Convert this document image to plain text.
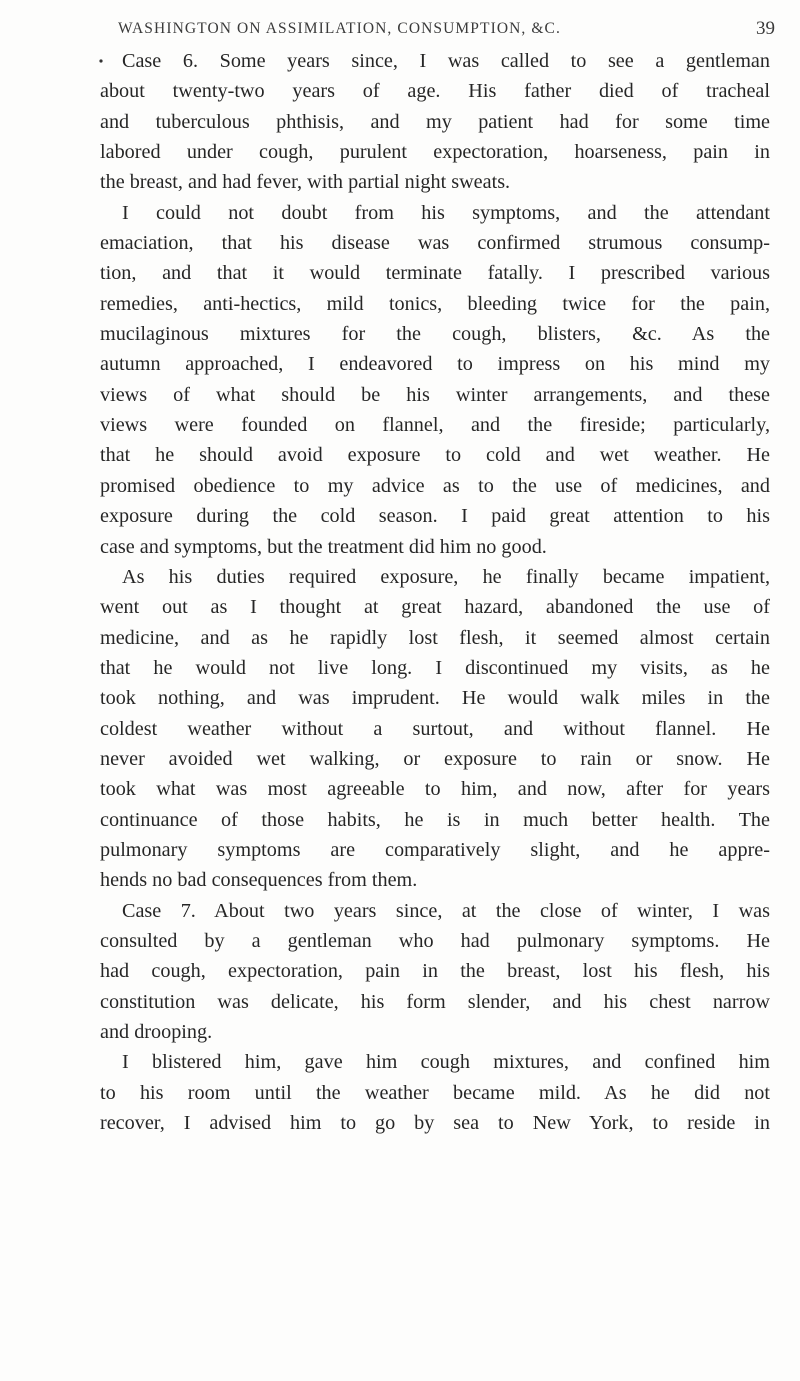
WASHINGTON ON ASSIMILATION, CONSUMPTION, &C.	39
Case 6. Some years since, I was called to see a gentleman
about twenty-two years of age. His father died of tracheal
and tuberculous phthisis, and my patient had for some time
labored under cough, purulent expectoration, hoarseness, pain in
the breast, and had fever, with partial night sweats.
I could not doubt from his symptoms, and the attendant
emaciation, that his disease was confirmed strumous consump-
tion, and that it would terminate fatally. I prescribed various
remedies, anti-hectics, mild tonics, bleeding twice for the pain,
mucilaginous mixtures for the cough, blisters, &c. As the
autumn approached, I endeavored to impress on his mind my
views of what should be his winter arrangements, and these
views were founded on flannel, and the fireside; particularly,
that he should avoid exposure to cold and wet weather. He
promised obedience to my advice as to the use of medicines, and
exposure during the cold season. I paid great attention to his
case and symptoms, but the treatment did him no good.
As his duties required exposure, he finally became impatient,
went out as I thought at great hazard, abandoned the use of
medicine, and as he rapidly lost flesh, it seemed almost certain
that he would not live long. I discontinued my visits, as he
took nothing, and was imprudent. He would walk miles in the
coldest weather without a surtout, and without flannel. He
never avoided wet walking, or exposure to rain or snow. He
took what was most agreeable to him, and now, after for years
continuance of those habits, he is in much better health. The
pulmonary symptoms are comparatively slight, and he appre-
hends no bad consequences from them.
Case 7. About two years since, at the close of winter, I was
consulted by a gentleman who had pulmonary symptoms. He
had cough, expectoration, pain in the breast, lost his flesh, his
constitution was delicate, his form slender, and his chest narrow
and drooping.
I blistered him, gave him cough mixtures, and confined him
to his room until the weather became mild. As he did not
recover, I advised him to go by sea to New York, to reside in
